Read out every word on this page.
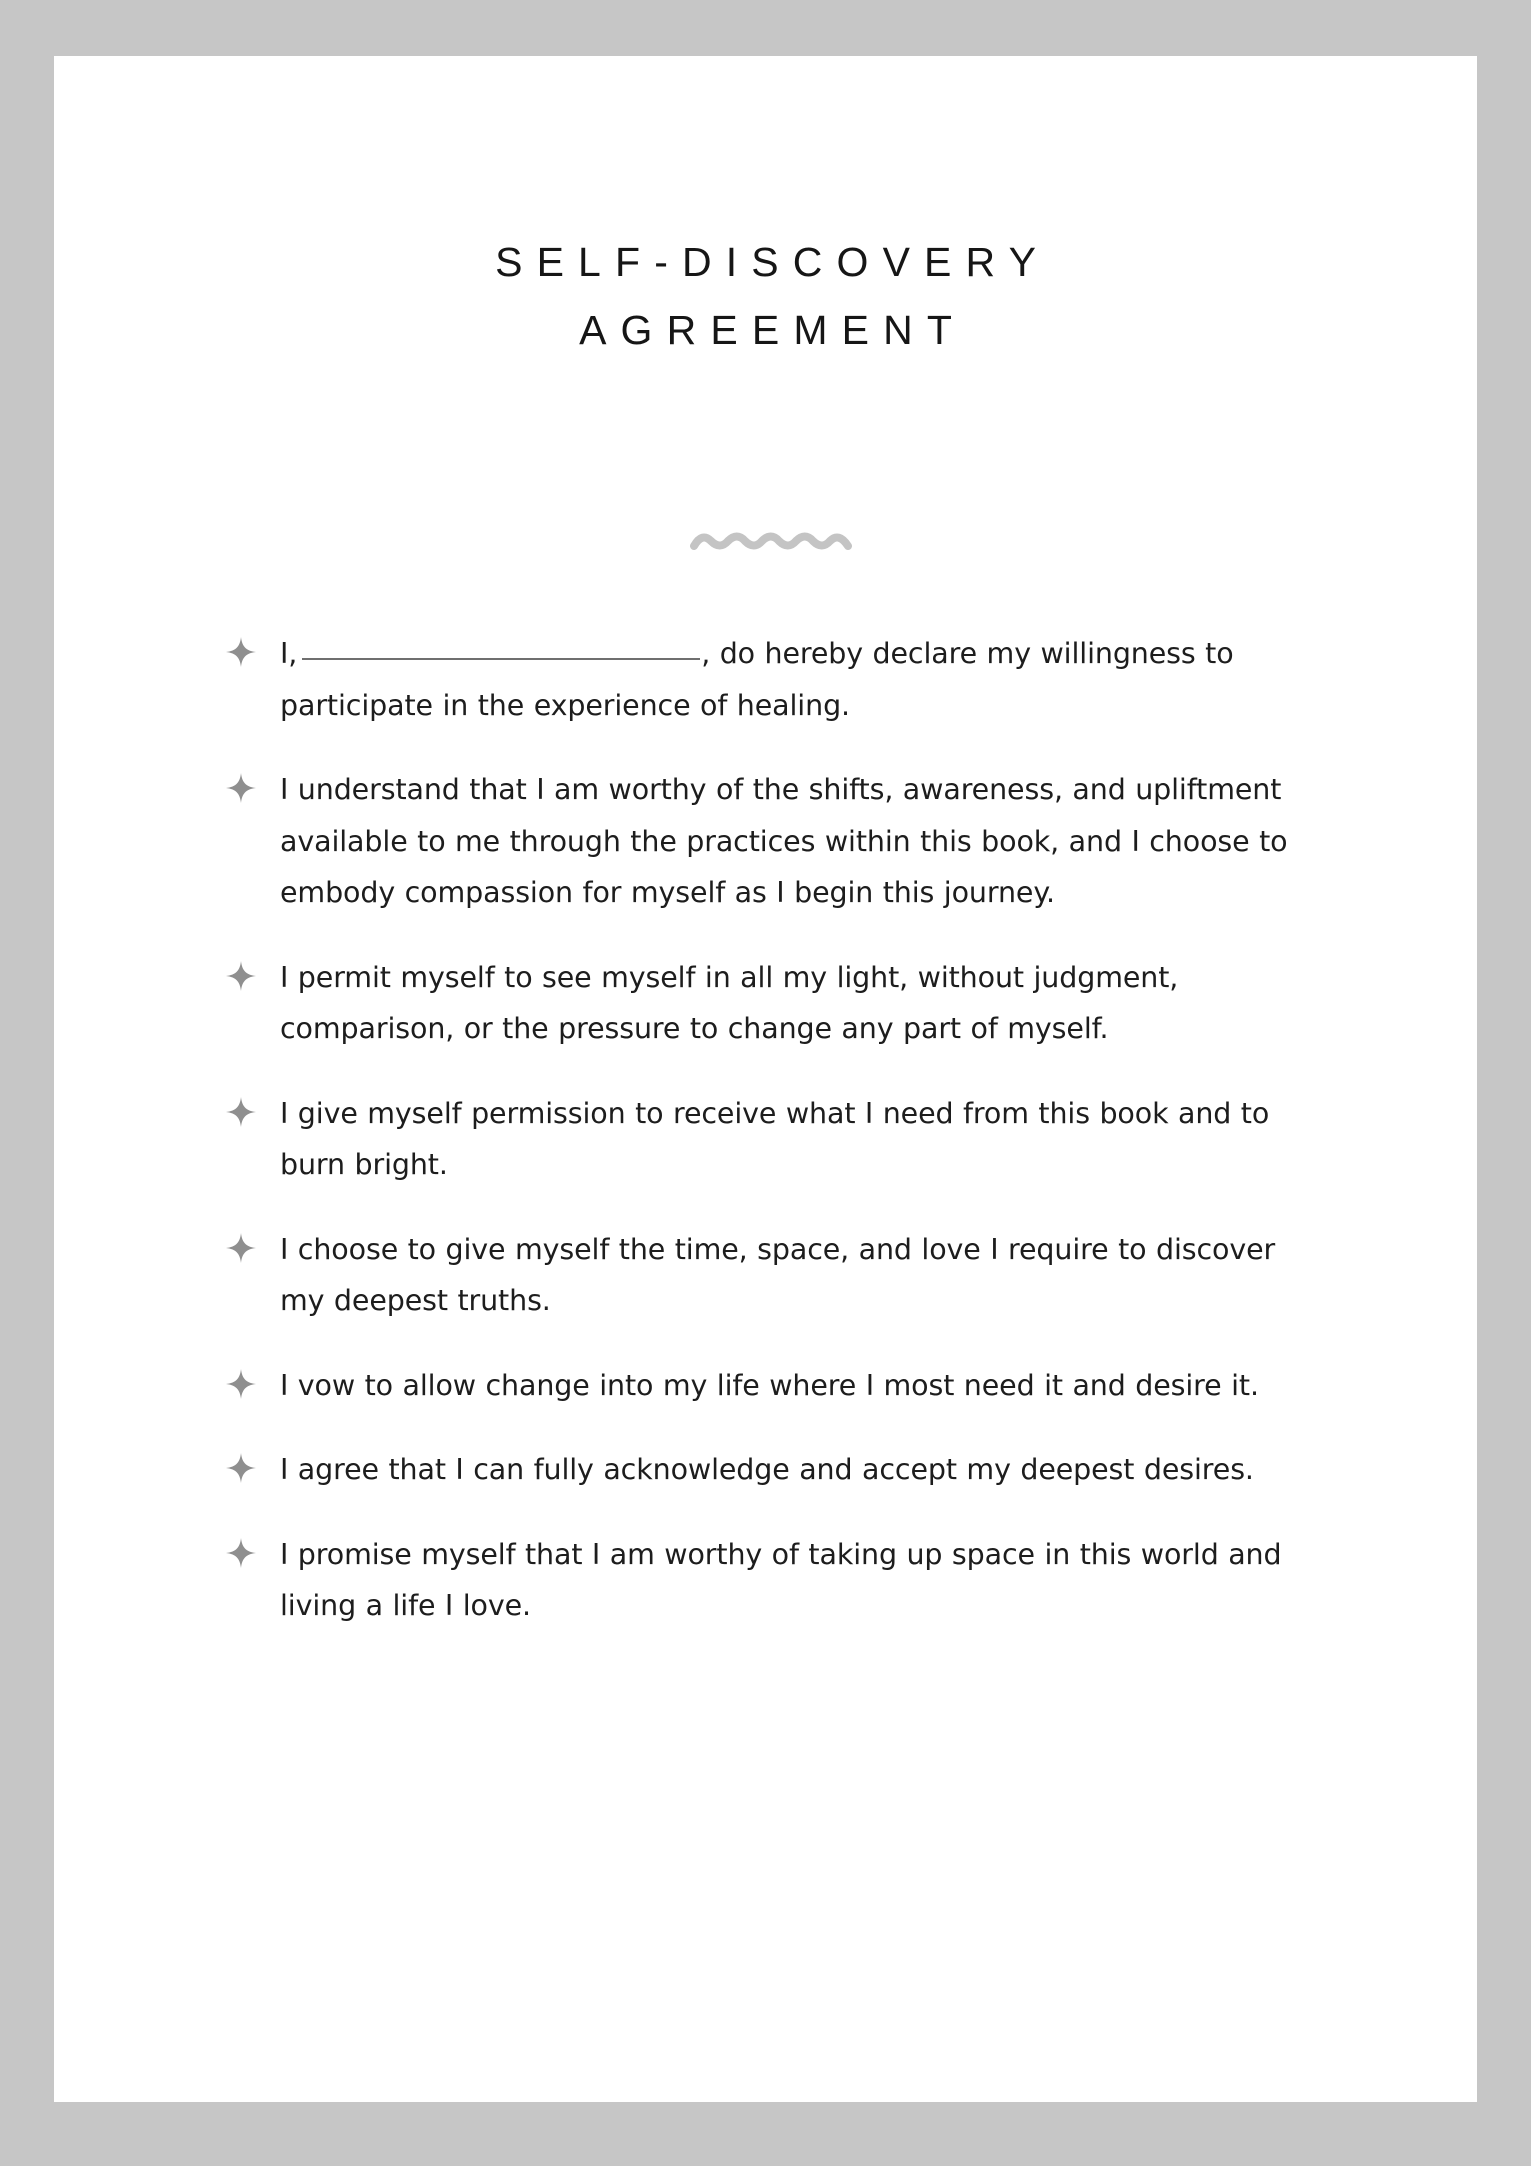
SELF-DISCOVERY
AGREEMENT
I,	, do hereby declare my willingness to participate in the experience of healing.
I understand that I am worthy of the shifts, awareness, and upliftment available to me through the practices within this book, and I choose to embody compassion for myself as I begin this journey.
I permit myself to see myself in all my light, without judgment, comparison, or the pressure to change any part of myself.
I give myself permission to receive what I need from this book and to burn bright.
I choose to give myself the time, space, and love I require to discover my deepest truths.
I vow to allow change into my life where I most need it and desire it.
I agree that I can fully acknowledge and accept my deepest desires.
I promise myself that I am worthy of taking up space in this world and living a life I love.
